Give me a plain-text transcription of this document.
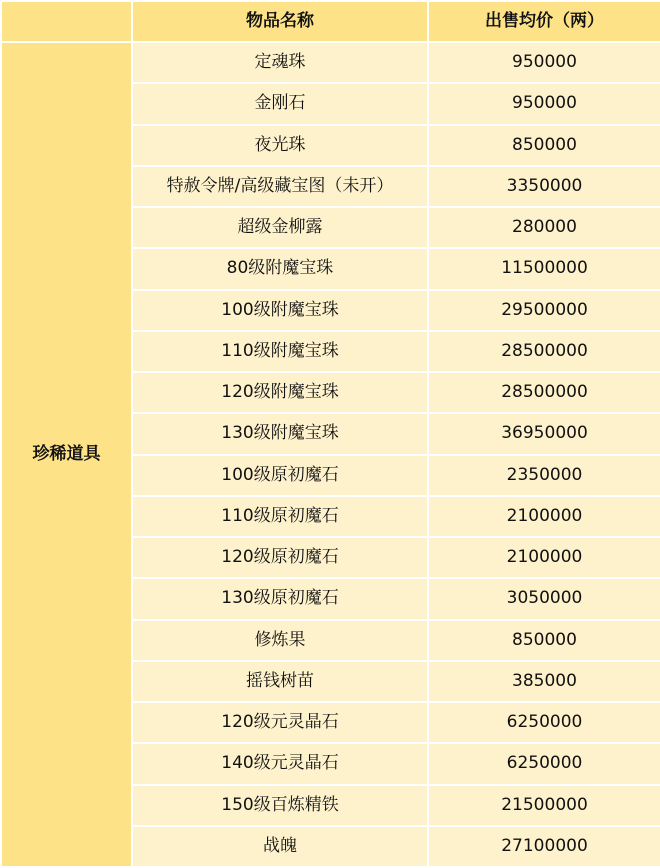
	物品名称	出售均价（两）
珍稀道具	定魂珠	950000
	金刚石	950000
	夜光珠	850000
	特赦令牌/高级藏宝图（未开）	3350000
	超级金柳露	280000
	80级附魔宝珠	11500000
	100级附魔宝珠	29500000
	110级附魔宝珠	28500000
	120级附魔宝珠	28500000
	130级附魔宝珠	36950000
	100级原初魔石	2350000
	110级原初魔石	2100000
	120级原初魔石	2100000
	130级原初魔石	3050000
	修炼果	850000
	摇钱树苗	385000
	120级元灵晶石	6250000
	140级元灵晶石	6250000
	150级百炼精铁	21500000
	战魄	27100000
